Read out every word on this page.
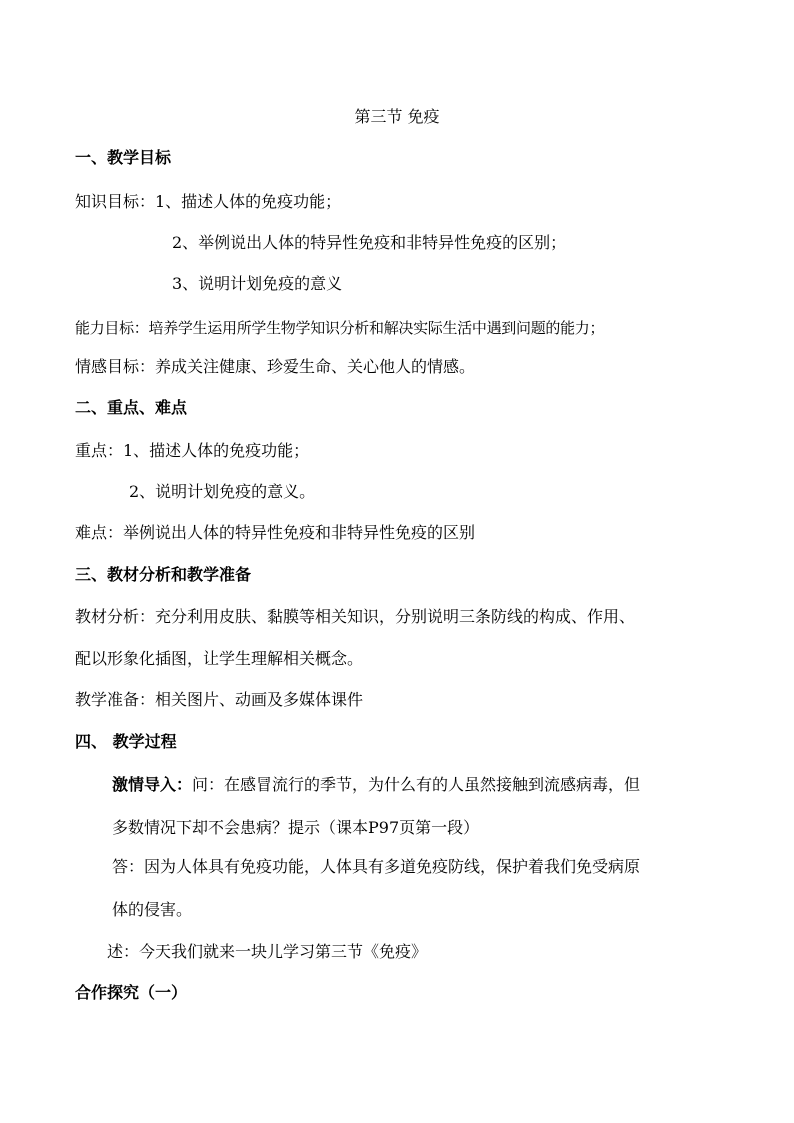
第三节 免疫
一、教学目标
知识目标：1、描述人体的免疫功能；
2、举例说出人体的特异性免疫和非特异性免疫的区别；
3、说明计划免疫的意义
能力目标：培养学生运用所学生物学知识分析和解决实际生活中遇到问题的能力；
情感目标：养成关注健康、珍爱生命、关心他人的情感。
二、重点、难点
重点：1、描述人体的免疫功能；
2、说明计划免疫的意义。
难点：举例说出人体的特异性免疫和非特异性免疫的区别
三、教材分析和教学准备
教材分析：充分利用皮肤、黏膜等相关知识，分别说明三条防线的构成、作用、
配以形象化插图，让学生理解相关概念。
教学准备：相关图片、动画及多媒体课件
四、 教学过程
激情导入：问：在感冒流行的季节，为什么有的人虽然接触到流感病毒，但
多数情况下却不会患病？提示（课本P97页第一段）
答：因为人体具有免疫功能，人体具有多道免疫防线，保护着我们免受病原
体的侵害。
述：今天我们就来一块儿学习第三节《免疫》
合作探究（一）
